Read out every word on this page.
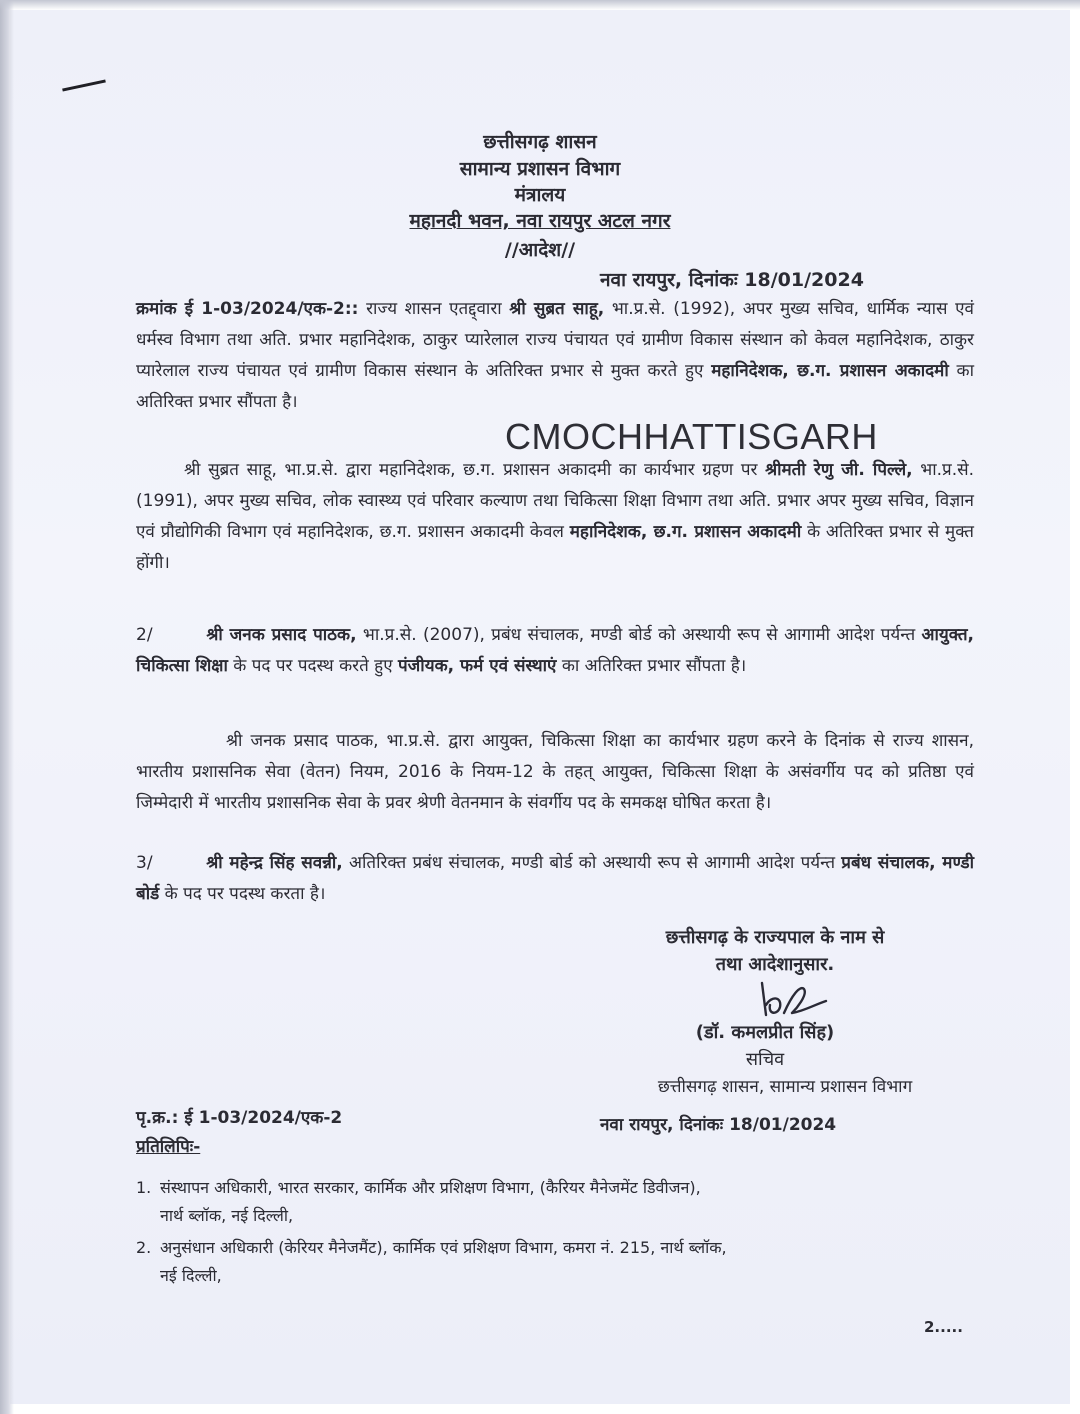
छत्तीसगढ़ शासन
सामान्य प्रशासन विभाग
मंत्रालय
महानदी भवन, नवा रायपुर अटल नगर
//आदेश//
नवा रायपुर, दिनांकः 18/01/2024
क्रमांक ई 1-03/2024/एक-2:: राज्य शासन एतद्द्वारा श्री सुब्रत साहू, भा.प्र.से. (1992), अपर मुख्य सचिव, धार्मिक न्यास एवं धर्मस्व विभाग तथा अति. प्रभार महानिदेशक, ठाकुर प्यारेलाल राज्य पंचायत एवं ग्रामीण विकास संस्थान को केवल महानिदेशक, ठाकुर प्यारेलाल राज्य पंचायत एवं ग्रामीण विकास संस्थान के अतिरिक्त प्रभार से मुक्त करते हुए महानिदेशक, छ.ग. प्रशासन अकादमी का अतिरिक्त प्रभार सौंपता है।
CMOCHHATTISGARH
श्री सुब्रत साहू, भा.प्र.से. द्वारा महानिदेशक, छ.ग. प्रशासन अकादमी का कार्यभार ग्रहण पर श्रीमती रेणु जी. पिल्ले, भा.प्र.से. (1991), अपर मुख्य सचिव, लोक स्वास्थ्य एवं परिवार कल्याण तथा चिकित्सा शिक्षा विभाग तथा अति. प्रभार अपर मुख्य सचिव, विज्ञान एवं प्रौद्योगिकी विभाग एवं महानिदेशक, छ.ग. प्रशासन अकादमी केवल महानिदेशक, छ.ग. प्रशासन अकादमी के अतिरिक्त प्रभार से मुक्त होंगी।
2/	श्री जनक प्रसाद पाठक, भा.प्र.से. (2007), प्रबंध संचालक, मण्डी बोर्ड को अस्थायी रूप से आगामी आदेश पर्यन्त आयुक्त, चिकित्सा शिक्षा के पद पर पदस्थ करते हुए पंजीयक, फर्म एवं संस्थाएं का अतिरिक्त प्रभार सौंपता है।
श्री जनक प्रसाद पाठक, भा.प्र.से. द्वारा आयुक्त, चिकित्सा शिक्षा का कार्यभार ग्रहण करने के दिनांक से राज्य शासन, भारतीय प्रशासनिक सेवा (वेतन) नियम, 2016 के नियम-12 के तहत् आयुक्त, चिकित्सा शिक्षा के असंवर्गीय पद को प्रतिष्ठा एवं जिम्मेदारी में भारतीय प्रशासनिक सेवा के प्रवर श्रेणी वेतनमान के संवर्गीय पद के समकक्ष घोषित करता है।
3/	श्री महेन्द्र सिंह सवन्नी, अतिरिक्त प्रबंध संचालक, मण्डी बोर्ड को अस्थायी रूप से आगामी आदेश पर्यन्त प्रबंध संचालक, मण्डी बोर्ड के पद पर पदस्थ करता है।
छत्तीसगढ़ के राज्यपाल के नाम से
तथा आदेशानुसार.
(डॉ. कमलप्रीत सिंह)
सचिव
छत्तीसगढ़ शासन, सामान्य प्रशासन विभाग
पृ.क्र.: ई 1-03/2024/एक-2	नवा रायपुर, दिनांकः 18/01/2024
प्रतिलिपिः-
1. संस्थापन अधिकारी, भारत सरकार, कार्मिक और प्रशिक्षण विभाग, (कैरियर मैनेजमेंट डिवीजन),
नार्थ ब्लॉक, नई दिल्ली,
2. अनुसंधान अधिकारी (केरियर मैनेजमैंट), कार्मिक एवं प्रशिक्षण विभाग, कमरा नं. 215, नार्थ ब्लॉक,
नई दिल्ली,
2.....
